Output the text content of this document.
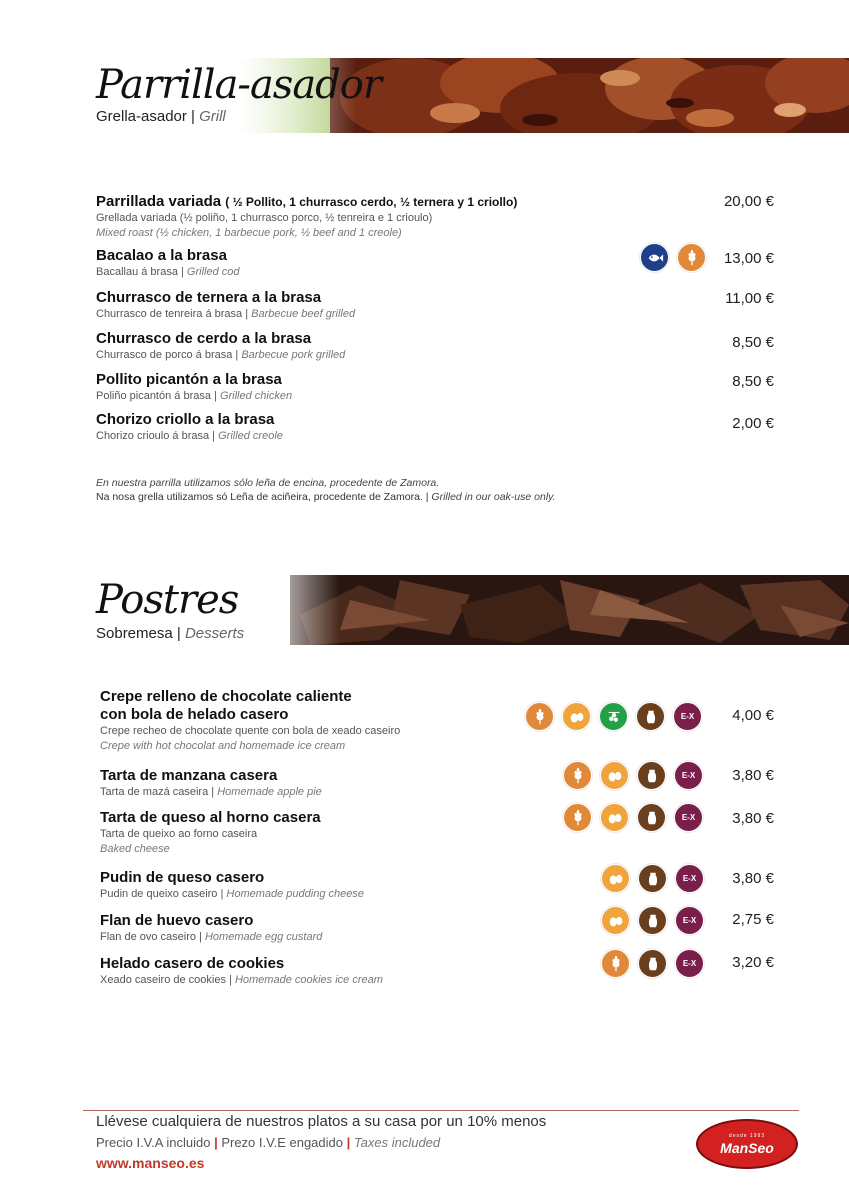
Parrilla-asador
Grella-asador | Grill
Parrillada variada ( ½ Pollito, 1 churrasco cerdo, ½ ternera y 1 criollo)
Grellada variada (½ poliño, 1 churrasco porco, ½ tenreira e 1 crioulo)
Mixed roast (½ chicken, 1 barbecue pork, ½ beef and 1 creole)
20,00 €
Bacalao a la brasa
Bacallau á brasa | Grilled cod
13,00 €
Churrasco de ternera a la brasa
Churrasco de tenreira á brasa | Barbecue beef grilled
11,00 €
Churrasco de cerdo a la brasa
Churrasco de porco á brasa | Barbecue pork grilled
8,50 €
Pollito picantón a la brasa
Poliño picantón á brasa | Grilled chicken
8,50 €
Chorizo criollo a la brasa
Chorizo crioulo á brasa | Grilled creole
2,00 €
En nuestra parrilla utilizamos sólo leña de encina, procedente de Zamora.
Na nosa grella utilizamos só Leña de aciñeira, procedente de Zamora. | Grilled in our oak-use only.
Postres
Sobremesa | Desserts
Crepe relleno de chocolate caliente
con bola de helado casero
Crepe recheo de chocolate quente con bola de xeado caseiro
Crepe with hot chocolat and homemade ice cream
E-X	4,00 €
Tarta de manzana casera
Tarta de mazá caseira | Homemade apple pie
E-X 3,80 €
Tarta de queso al horno casera
Tarta de queixo ao forno caseira
Baked cheese
E-X 3,80 €
Pudin de queso casero
Pudin de queixo caseiro | Homemade pudding cheese
E-X 3,80 €
Flan de huevo casero
Flan de ovo caseiro | Homemade egg custard
E-X 2,75 €
Helado casero de cookies
Xeado caseiro de cookies | Homemade cookies ice cream
E-X 3,20 €
Llévese cualquiera de nuestros platos a su casa por un 10% menos
Precio I.V.A incluido | Prezo I.V.E engadido | Taxes included
www.manseo.es
desde 1993
ManSeo
